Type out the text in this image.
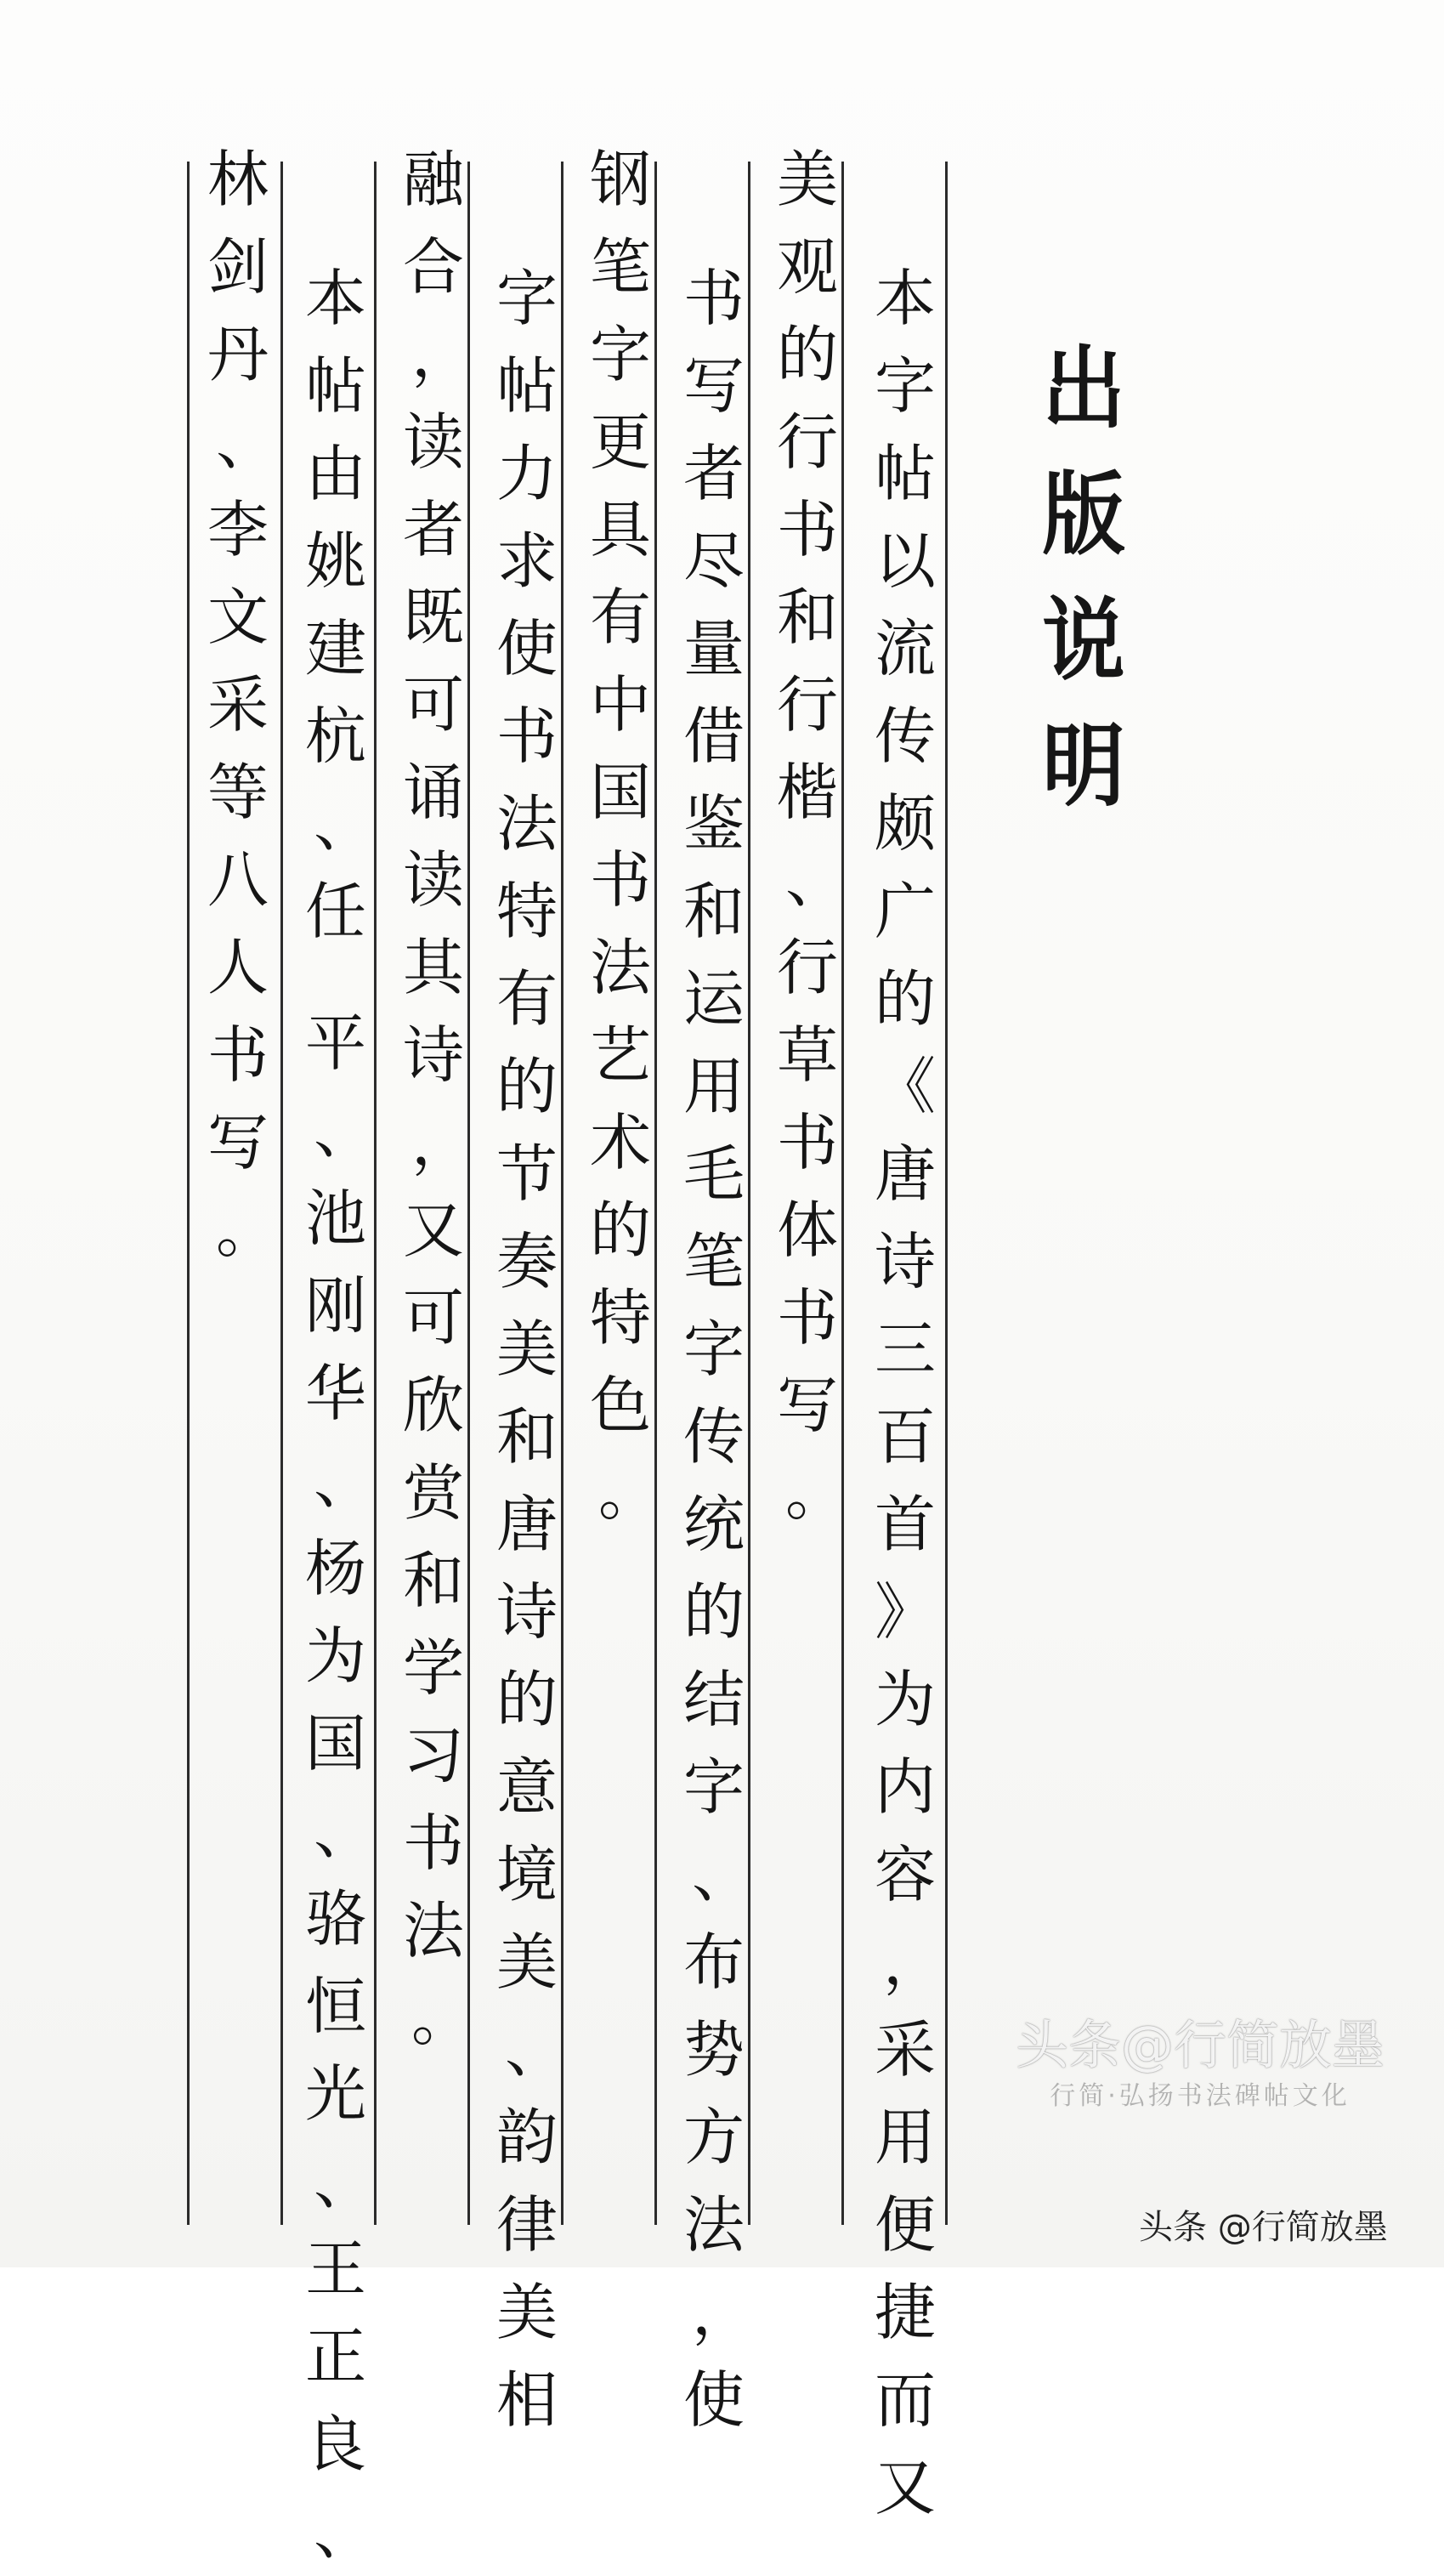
出
版
说
明
本
字
帖
以
流
传
颇
广
的
《
唐
诗
三
百
首
》
为
内
容
，
采
用
便
捷
而
又
美
观
的
行
书
和
行
楷
、
行
草
书
体
书
写
。
书
写
者
尽
量
借
鉴
和
运
用
毛
笔
字
传
统
的
结
字
、
布
势
方
法
，
使
钢
笔
字
更
具
有
中
国
书
法
艺
术
的
特
色
。
字
帖
力
求
使
书
法
特
有
的
节
奏
美
和
唐
诗
的
意
境
美
、
韵
律
美
相
融
合
，
读
者
既
可
诵
读
其
诗
，
又
可
欣
赏
和
学
习
书
法
。
本
帖
由
姚
建
杭
、
任

平
、
池
刚
华
、
杨
为
国
、
骆
恒
光
、
王
正
良
、
林
剑
丹
、
李
文
采
等
八
人
书
写
。
头条@行简放墨
行简·弘扬书法碑帖文化
头条 @行简放墨
